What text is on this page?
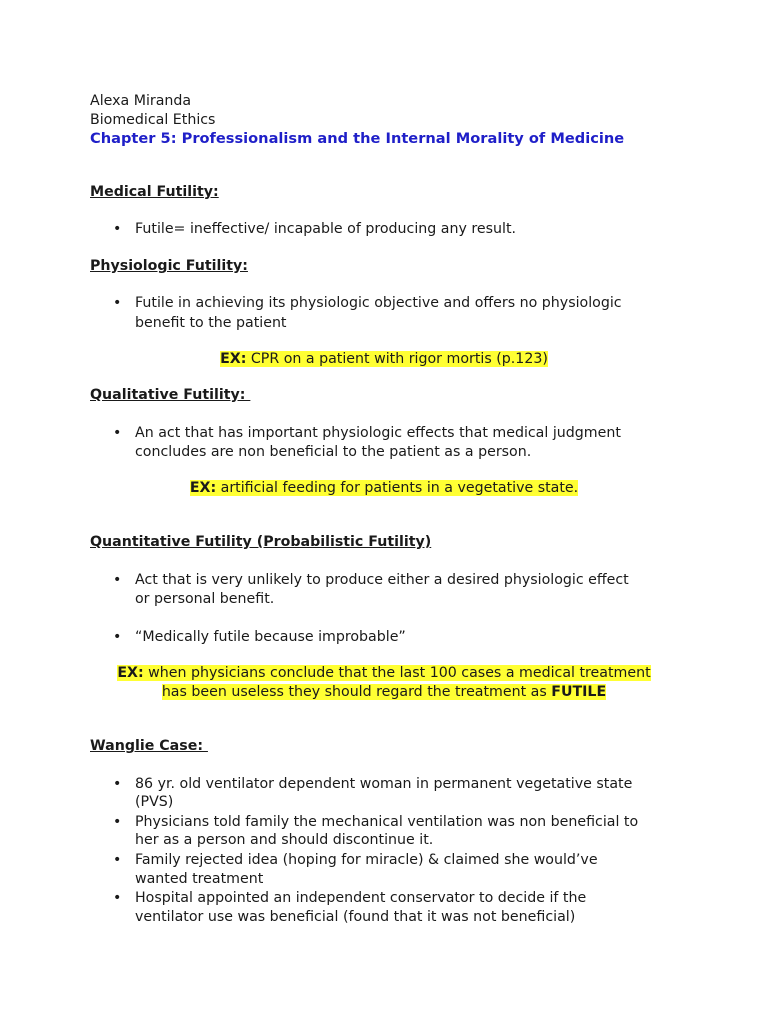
Alexa Miranda
Biomedical Ethics
Chapter 5: Professionalism and the Internal Morality of Medicine
Medical Futility:
• Futile= ineffective/ incapable of producing any result.
Physiologic Futility:
• Futile in achieving its physiologic objective and offers no physiologic
benefit to the patient
EX: CPR on a patient with rigor mortis (p.123)
Qualitative Futility:
• An act that has important physiologic effects that medical judgment
concludes are non beneficial to the patient as a person.
EX: artificial feeding for patients in a vegetative state.
Quantitative Futility (Probabilistic Futility)
• Act that is very unlikely to produce either a desired physiologic effect
or personal benefit.
• “Medically futile because improbable”
EX: when physicians conclude that the last 100 cases a medical treatment
has been useless they should regard the treatment as FUTILE
Wanglie Case:
• 86 yr. old ventilator dependent woman in permanent vegetative state
(PVS)
• Physicians told family the mechanical ventilation was non beneficial to
her as a person and should discontinue it.
• Family rejected idea (hoping for miracle) & claimed she would’ve
wanted treatment
• Hospital appointed an independent conservator to decide if the
ventilator use was beneficial (found that it was not beneficial)
